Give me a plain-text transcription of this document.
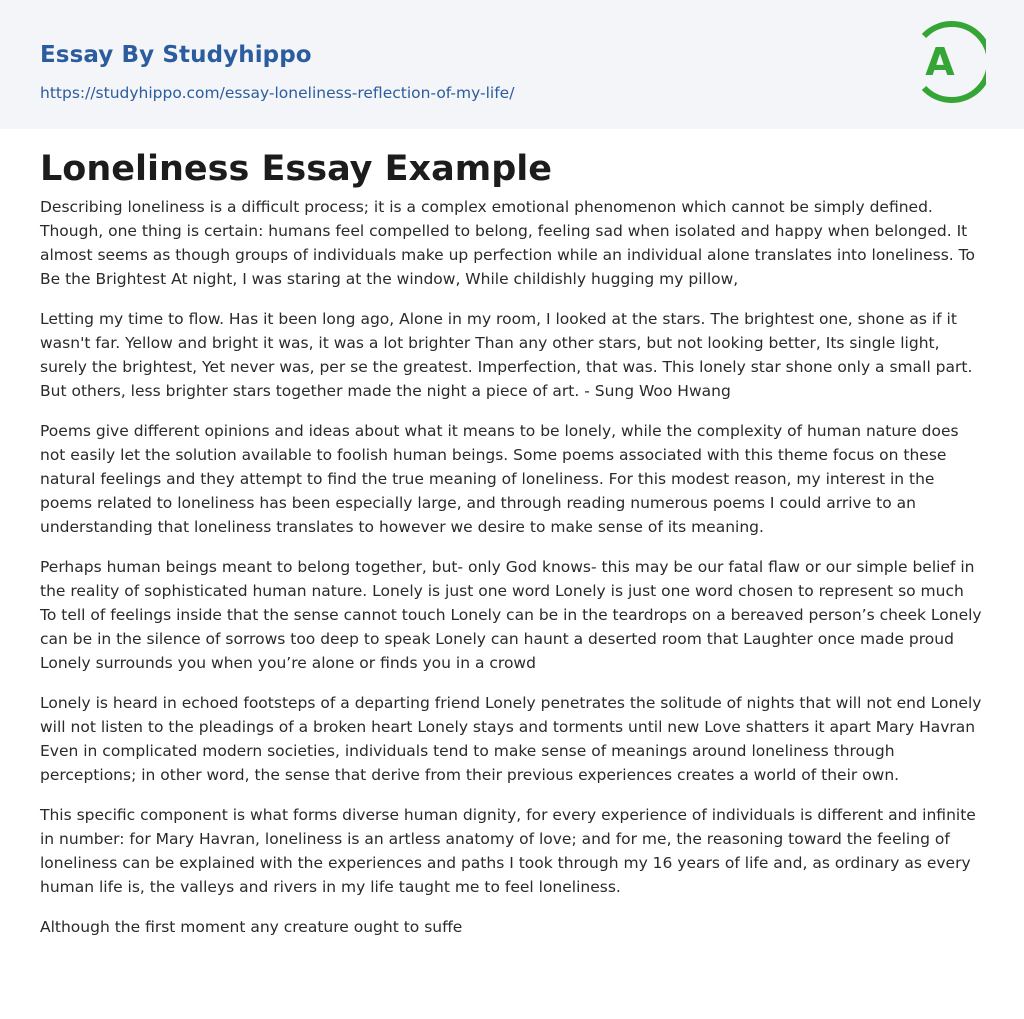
Essay By Studyhippo
https://studyhippo.com/essay-loneliness-reflection-of-my-life/
A
Loneliness Essay Example

Describing loneliness is a difficult process; it is a complex emotional phenomenon which cannot be simply defined. Though, one thing is certain: humans feel compelled to belong, feeling sad when isolated and happy when belonged. It almost seems as though groups of individuals make up perfection while an individual alone translates into loneliness. To Be the Brightest At night, I was staring at the window, While childishly hugging my pillow,

Letting my time to flow. Has it been long ago, Alone in my room, I looked at the stars. The brightest one, shone as if it wasn't far. Yellow and bright it was, it was a lot brighter Than any other stars, but not looking better, Its single light, surely the brightest, Yet never was, per se the greatest. Imperfection, that was. This lonely star shone only a small part. But others, less brighter stars together made the night a piece of art. - Sung Woo Hwang

Poems give different opinions and ideas about what it means to be lonely, while the complexity of human nature does not easily let the solution available to foolish human beings. Some poems associated with this theme focus on these natural feelings and they attempt to find the true meaning of loneliness. For this modest reason, my interest in the poems related to loneliness has been especially large, and through reading numerous poems I could arrive to an understanding that loneliness translates to however we desire to make sense of its meaning.

Perhaps human beings meant to belong together, but- only God knows- this may be our fatal flaw or our simple belief in the reality of sophisticated human nature. Lonely is just one word Lonely is just one word chosen to represent so much To tell of feelings inside that the sense cannot touch Lonely can be in the teardrops on a bereaved person’s cheek Lonely can be in the silence of sorrows too deep to speak Lonely can haunt a deserted room that Laughter once made proud Lonely surrounds you when you’re alone or finds you in a crowd

Lonely is heard in echoed footsteps of a departing friend Lonely penetrates the solitude of nights that will not end Lonely will not listen to the pleadings of a broken heart Lonely stays and torments until new Love shatters it apart Mary Havran Even in complicated modern societies, individuals tend to make sense of meanings around loneliness through perceptions; in other word, the sense that derive from their previous experiences creates a world of their own.

This specific component is what forms diverse human dignity, for every experience of individuals is different and infinite in number: for Mary Havran, loneliness is an artless anatomy of love; and for me, the reasoning toward the feeling of loneliness can be explained with the experiences and paths I took through my 16 years of life and, as ordinary as every human life is, the valleys and rivers in my life taught me to feel loneliness.

Although the first moment any creature ought to suffe
